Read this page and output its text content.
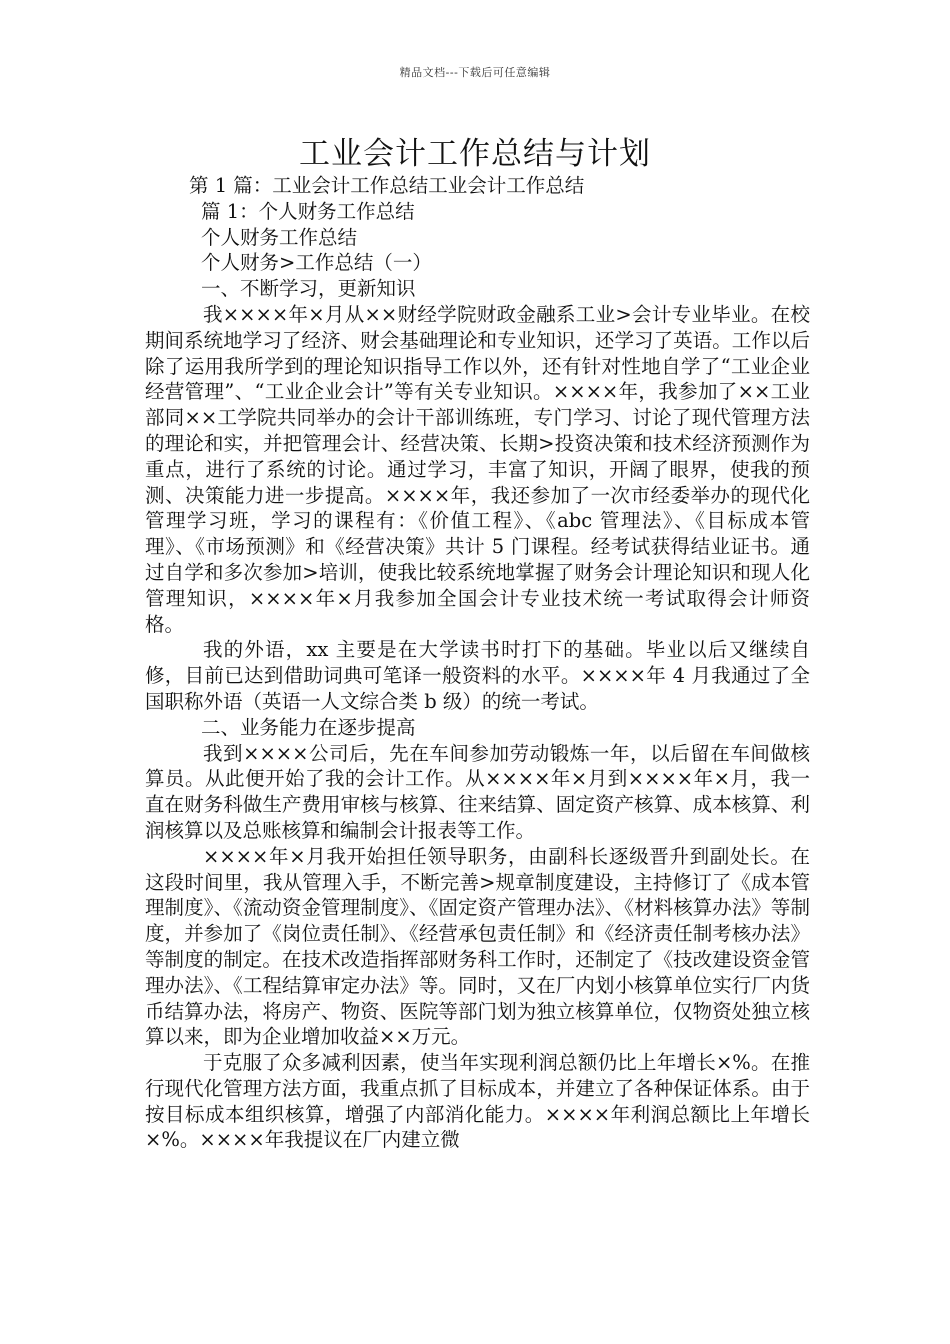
精品文档---下载后可任意编辑
工业会计工作总结与计划
第 1 篇：工业会计工作总结工业会计工作总结
篇 1：个人财务工作总结
个人财务工作总结
个人财务>工作总结（一）
一、不断学习，更新知识

我××××年×月从××财经学院财政金融系工业>会计专业毕业。在校期间系统地学习了经济、财会基础理论和专业知识，还学习了英语。工作以后除了运用我所学到的理论知识指导工作以外，还有针对性地自学了“工业企业经营管理”、“工业企业会计”等有关专业知识。××××年，我参加了××工业部同××工学院共同举办的会计干部训练班，专门学习、讨论了现代管理方法的理论和实，并把管理会计、经营决策、长期>投资决策和技术经济预测作为重点，进行了系统的讨论。通过学习，丰富了知识，开阔了眼界，使我的预测、决策能力进一步提高。××××年，我还参加了一次市经委举办的现代化管理学习班，学习的课程有：《价值工程》、《abc 管理法》、《目标成本管理》、《市场预测》和《经营决策》共计 5 门课程。经考试获得结业证书。通过自学和多次参加>培训，使我比较系统地掌握了财务会计理论知识和现人化管理知识，××××年×月我参加全国会计专业技术统一考试取得会计师资格。

我的外语，xx 主要是在大学读书时打下的基础。毕业以后又继续自修，目前已达到借助词典可笔译一般资料的水平。××××年 4 月我通过了全国职称外语（英语一人文综合类 b 级）的统一考试。

二、业务能力在逐步提高

我到××××公司后，先在车间参加劳动锻炼一年，以后留在车间做核算员。从此便开始了我的会计工作。从××××年×月到××××年×月，我一直在财务科做生产费用审核与核算、往来结算、固定资产核算、成本核算、利润核算以及总账核算和编制会计报表等工作。

××××年×月我开始担任领导职务，由副科长逐级晋升到副处长。在这段时间里，我从管理入手，不断完善>规章制度建设，主持修订了《成本管理制度》、《流动资金管理制度》、《固定资产管理办法》、《材料核算办法》等制度，并参加了《岗位责任制》、《经营承包责任制》和《经济责任制考核办法》等制度的制定。在技术改造指挥部财务科工作时，还制定了《技改建设资金管理办法》、《工程结算审定办法》等。同时，又在厂内划小核算单位实行厂内货币结算办法，将房产、物资、医院等部门划为独立核算单位，仅物资处独立核算以来，即为企业增加收益××万元。

于克服了众多减利因素，使当年实现利润总额仍比上年增长×%。在推行现代化管理方法方面，我重点抓了目标成本，并建立了各种保证体系。由于按目标成本组织核算，增强了内部消化能力。××××年利润总额比上年增长×%。××××年我提议在厂内建立微
